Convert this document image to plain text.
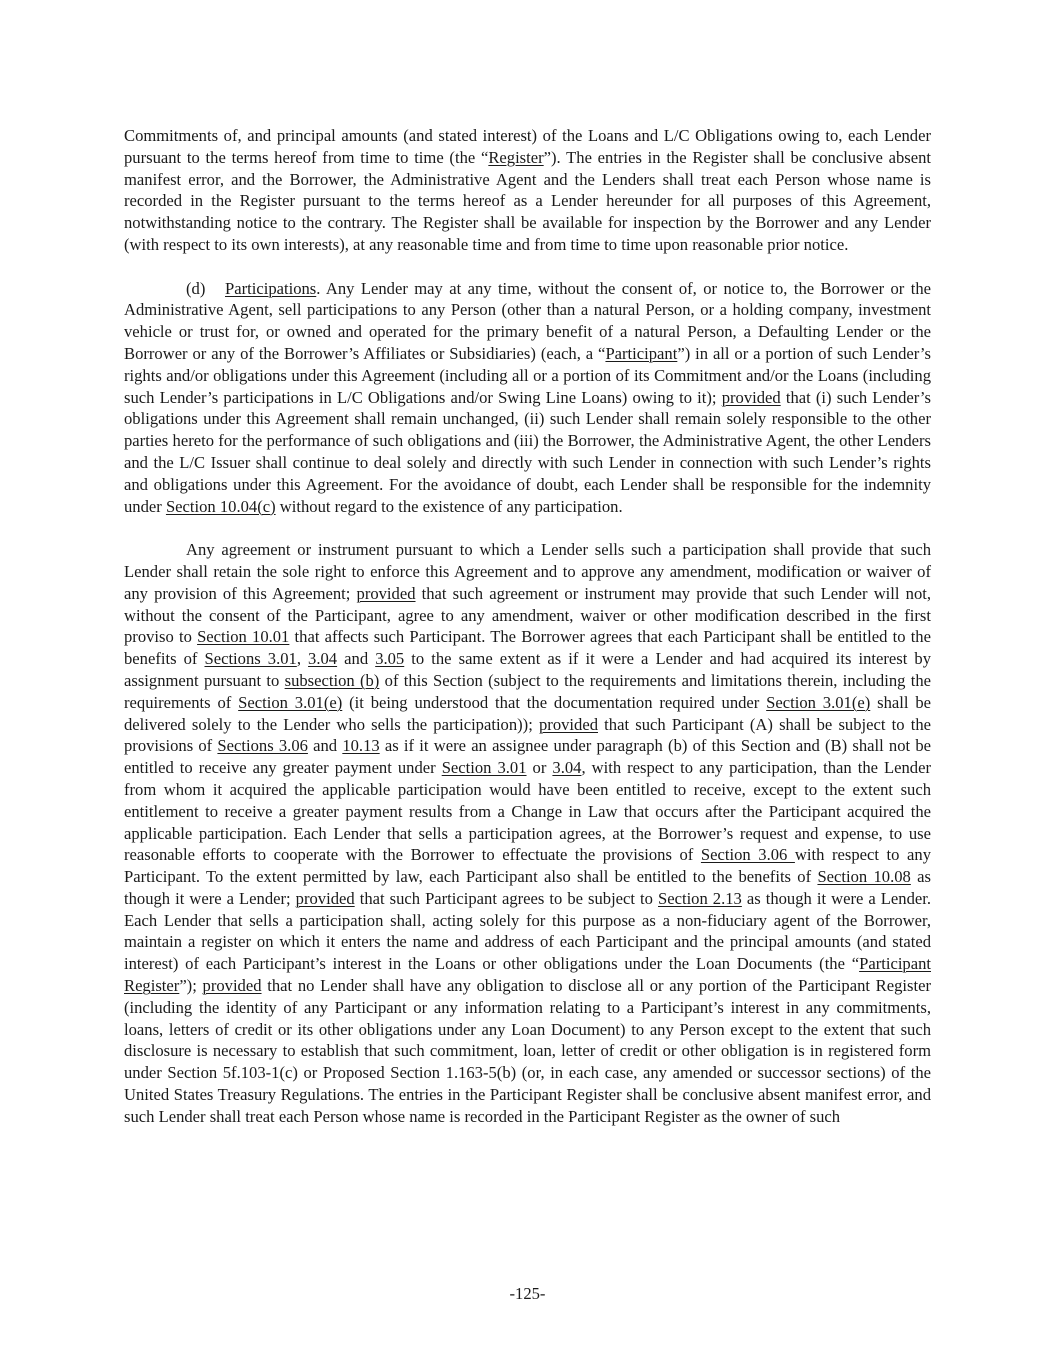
Commitments of, and principal amounts (and stated interest) of the Loans and L/C Obligations owing to, each Lender pursuant to the terms hereof from time to time (the “Register”). The entries in the Register shall be conclusive absent manifest error, and the Borrower, the Administrative Agent and the Lenders shall treat each Person whose name is recorded in the Register pursuant to the terms hereof as a Lender hereunder for all purposes of this Agreement, notwithstanding notice to the contrary. The Register shall be available for inspection by the Borrower and any Lender (with respect to its own interests), at any reasonable time and from time to time upon reasonable prior notice.

(d) Participations. Any Lender may at any time, without the consent of, or notice to, the Borrower or the Administrative Agent, sell participations to any Person (other than a natural Person, or a holding company, investment vehicle or trust for, or owned and operated for the primary benefit of a natural Person, a Defaulting Lender or the Borrower or any of the Borrower’s Affiliates or Subsidiaries) (each, a “Participant”) in all or a portion of such Lender’s rights and/or obligations under this Agreement (including all or a portion of its Commitment and/or the Loans (including such Lender’s participations in L/C Obligations and/or Swing Line Loans) owing to it); provided that (i) such Lender’s obligations under this Agreement shall remain unchanged, (ii) such Lender shall remain solely responsible to the other parties hereto for the performance of such obligations and (iii) the Borrower, the Administrative Agent, the other Lenders and the L/C Issuer shall continue to deal solely and directly with such Lender in connection with such Lender’s rights and obligations under this Agreement. For the avoidance of doubt, each Lender shall be responsible for the indemnity under Section 10.04(c) without regard to the existence of any participation.

Any agreement or instrument pursuant to which a Lender sells such a participation shall provide that such Lender shall retain the sole right to enforce this Agreement and to approve any amendment, modification or waiver of any provision of this Agreement; provided that such agreement or instrument may provide that such Lender will not, without the consent of the Participant, agree to any amendment, waiver or other modification described in the first proviso to Section 10.01 that affects such Participant. The Borrower agrees that each Participant shall be entitled to the benefits of Sections 3.01, 3.04 and 3.05 to the same extent as if it were a Lender and had acquired its interest by assignment pursuant to subsection (b) of this Section (subject to the requirements and limitations therein, including the requirements of Section 3.01(e) (it being understood that the documentation required under Section 3.01(e) shall be delivered solely to the Lender who sells the participation)); provided that such Participant (A) shall be subject to the provisions of Sections 3.06 and 10.13 as if it were an assignee under paragraph (b) of this Section and (B) shall not be entitled to receive any greater payment under Section 3.01 or 3.04, with respect to any participation, than the Lender from whom it acquired the applicable participation would have been entitled to receive, except to the extent such entitlement to receive a greater payment results from a Change in Law that occurs after the Participant acquired the applicable participation. Each Lender that sells a participation agrees, at the Borrower’s request and expense, to use reasonable efforts to cooperate with the Borrower to effectuate the provisions of Section 3.06 with respect to any Participant. To the extent permitted by law, each Participant also shall be entitled to the benefits of Section 10.08 as though it were a Lender; provided that such Participant agrees to be subject to Section 2.13 as though it were a Lender. Each Lender that sells a participation shall, acting solely for this purpose as a non-fiduciary agent of the Borrower, maintain a register on which it enters the name and address of each Participant and the principal amounts (and stated interest) of each Participant’s interest in the Loans or other obligations under the Loan Documents (the “Participant Register”); provided that no Lender shall have any obligation to disclose all or any portion of the Participant Register (including the identity of any Participant or any information relating to a Participant’s interest in any commitments, loans, letters of credit or its other obligations under any Loan Document) to any Person except to the extent that such disclosure is necessary to establish that such commitment, loan, letter of credit or other obligation is in registered form under Section 5f.103-1(c) or Proposed Section 1.163-5(b) (or, in each case, any amended or successor sections) of the United States Treasury Regulations. The entries in the Participant Register shall be conclusive absent manifest error, and such Lender shall treat each Person whose name is recorded in the Participant Register as the owner of such

-125-
